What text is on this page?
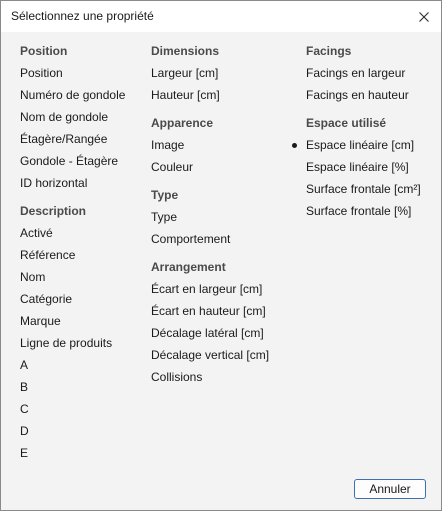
Sélectionnez une propriété
Position
Position
Numéro de gondole
Nom de gondole
Étagère/Rangée
Gondole - Étagère
ID horizontal
Description
Activé
Référence
Nom
Catégorie
Marque
Ligne de produits
A
B
C
D
E
Dimensions
Largeur [cm]
Hauteur [cm]
Apparence
Image
Couleur
Type
Type
Comportement
Arrangement
Écart en largeur [cm]
Écart en hauteur [cm]
Décalage latéral [cm]
Décalage vertical [cm]
Collisions
Facings
Facings en largeur
Facings en hauteur
Espace utilisé
Espace linéaire [cm]
Espace linéaire [%]
Surface frontale [cm²]
Surface frontale [%]
Annuler
